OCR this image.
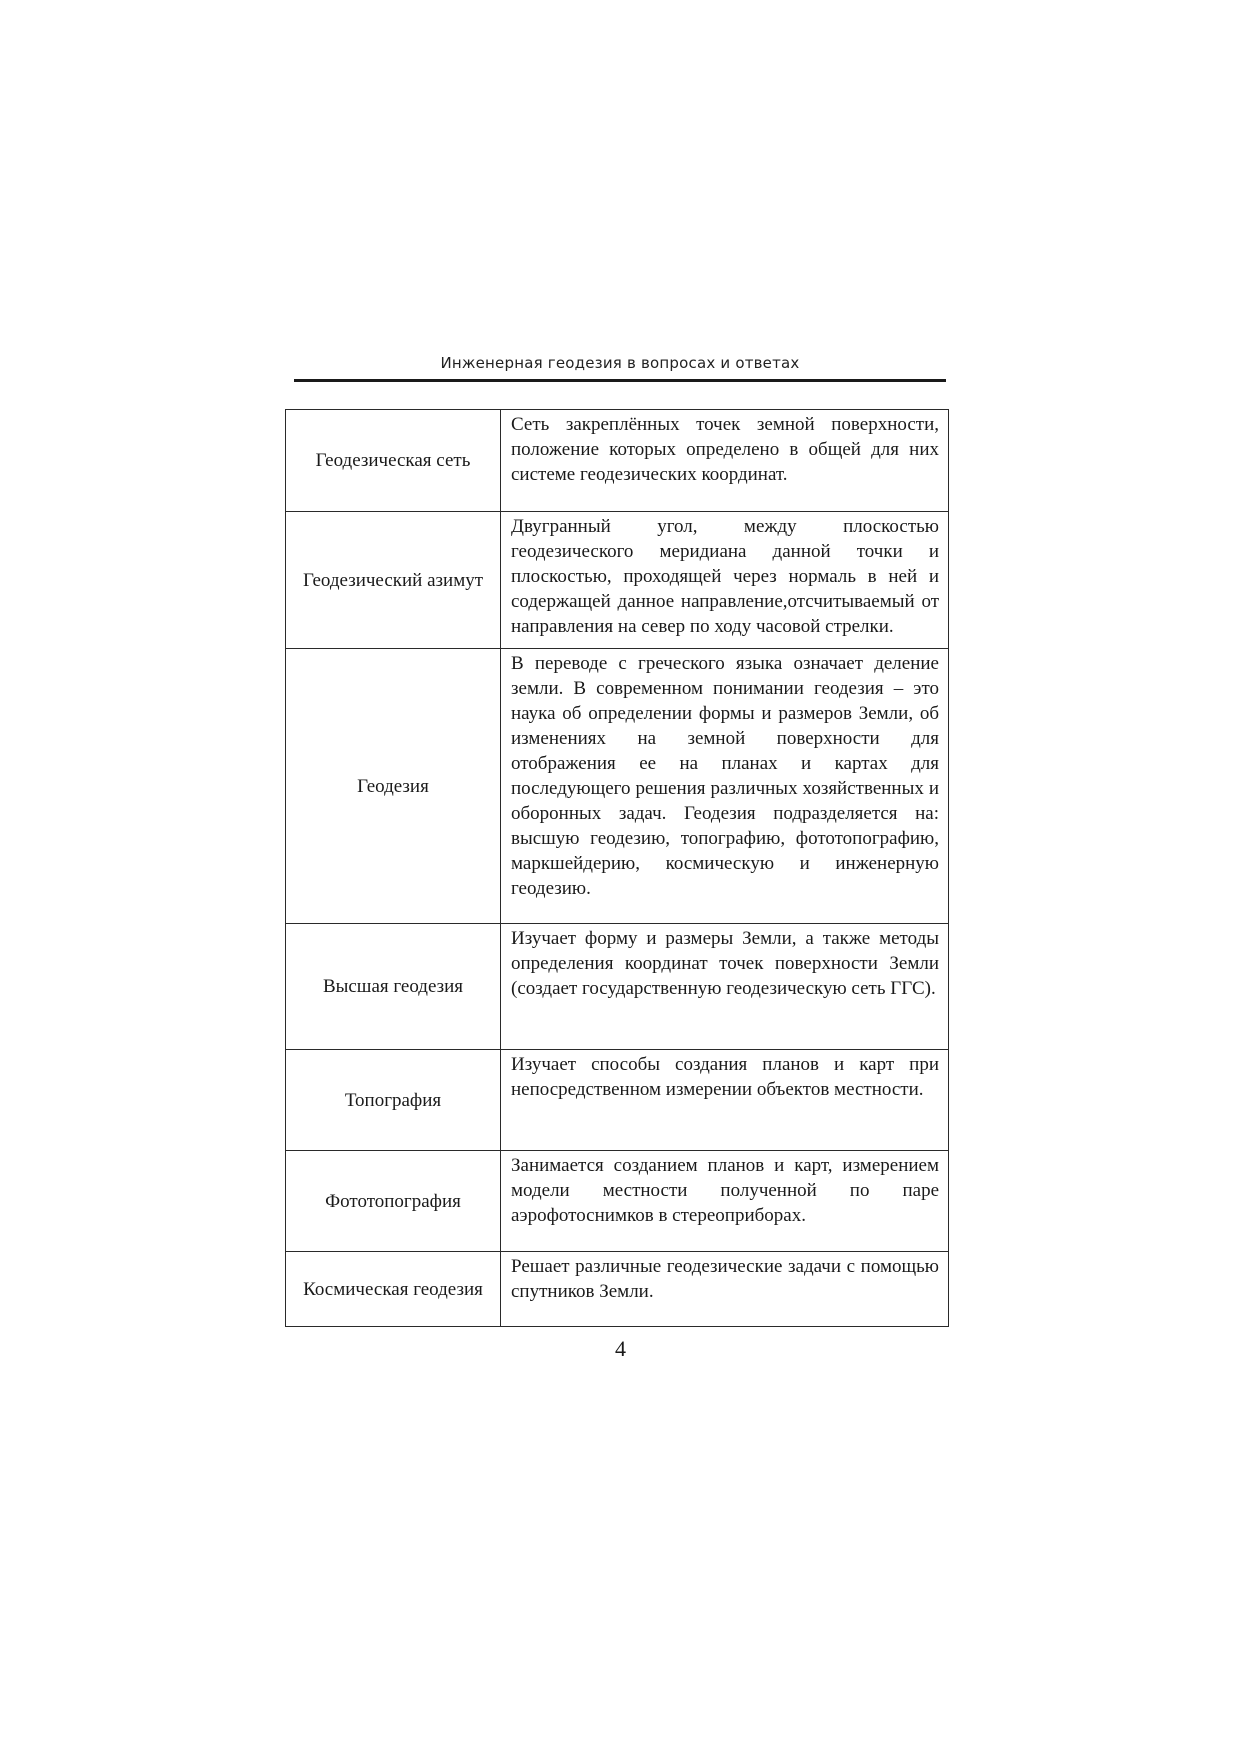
Инженерная геодезия в вопросах и ответах
Геодезическая сеть	Сеть закреплённых точек земной поверхности, положение которых определено в общей для них системе геодезических координат.
Геодезический азимут	Двугранный угол, между плоскостью геодезического меридиана данной точки и плоскостью, проходящей через нормаль в ней и содержащей данное направление,отсчитываемый от направления на север по ходу часовой стрелки.
Геодезия	В переводе с греческого языка означает деление земли. В современном понимании геодезия – это наука об определении формы и размеров Земли, об изменениях на земной поверхности для отображения ее на планах и картах для последующего решения различных хозяйственных и оборонных задач. Геодезия подразделяется на: высшую геодезию, топографию, фототопографию, маркшейдерию, космическую и инженерную геодезию.
Высшая геодезия	Изучает форму и размеры Земли, а также методы определения координат точек поверхности Земли (создает государственную геодезическую сеть ГГС).
Топография	Изучает способы создания планов и карт при непосредственном измерении объектов местности.
Фототопография	Занимается созданием планов и карт, измерением модели местности полученной по паре аэрофотоснимков в стереоприборах.
Космическая геодезия	Решает различные геодезические задачи с помощью спутников Земли.
4
